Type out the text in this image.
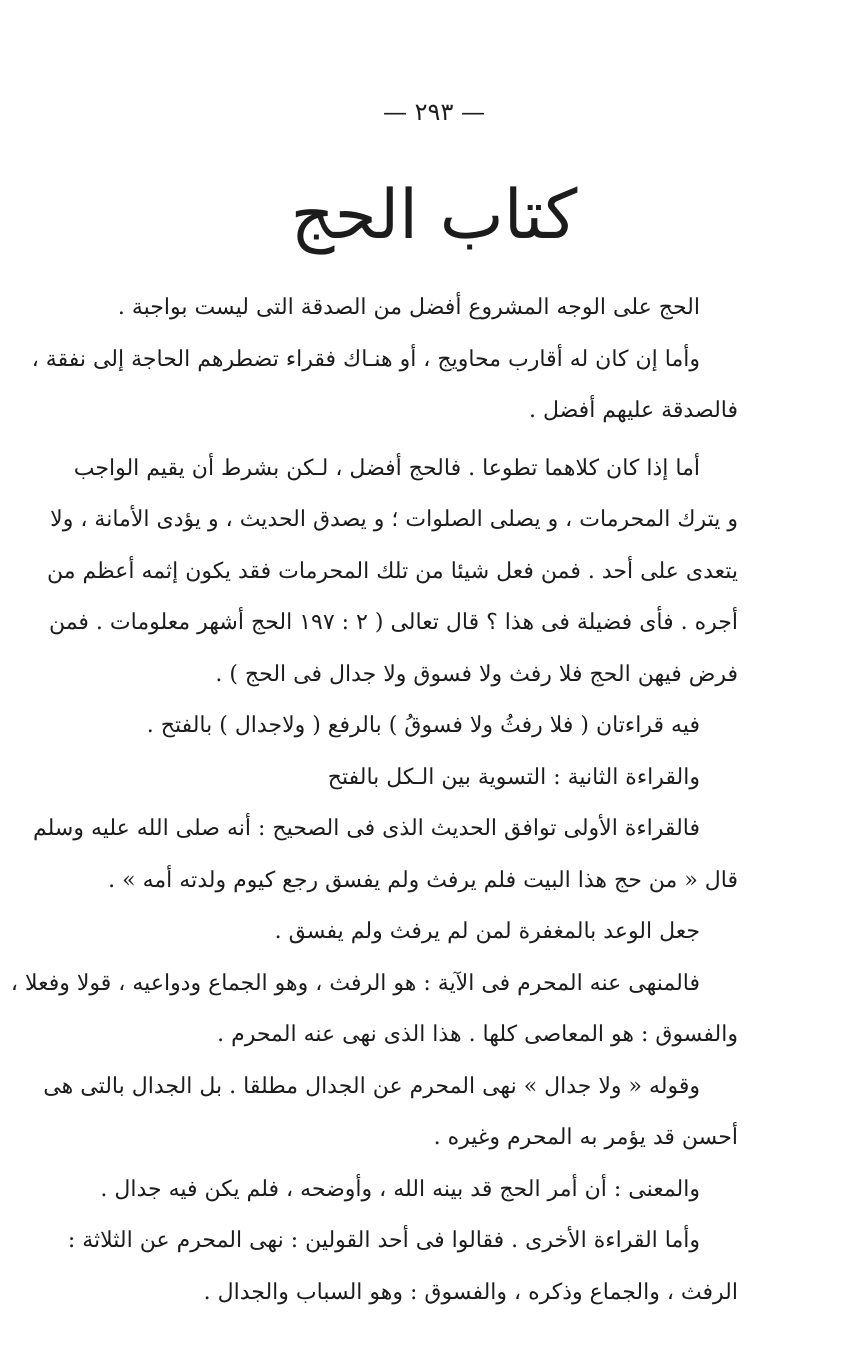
— ٢٩٣ —
كتاب الحج
الحج على الوجه المشروع أفضل من الصدقة التى ليست بواجبة .
وأما إن كان له أقارب محاويج ، أو هنـاك فقراء تضطرهم الحاجة إلى نفقة ،
فالصدقة عليهم أفضل .
أما إذا كان كلاهما تطوعا . فالحج أفضل ، لـكن بشرط أن يقيم الواجب
و يترك المحرمات ، و يصلى الصلوات ؛ و يصدق الحديث ، و يؤدى الأمانة ، ولا
يتعدى على أحد . فمن فعل شيئا من تلك المحرمات فقد يكون إثمه أعظم من
أجره . فأى فضيلة فى هذا ؟ قال تعالى ( ٢ : ١٩٧ الحج أشهر معلومات . فمن
فرض فيهن الحج فلا رفث ولا فسوق ولا جدال فى الحج ) .
فيه قراءتان ( فلا رفثُ ولا فسوقُ ) بالرفع ( ولاجدال ) بالفتح .
والقراءة الثانية : التسوية بين الـكل بالفتح
فالقراءة الأولى توافق الحديث الذى فى الصحيح : أنه صلى الله عليه وسلم
قال « من حج هذا البيت فلم يرفث ولم يفسق رجع كيوم ولدته أمه » .
جعل الوعد بالمغفرة لمن لم يرفث ولم يفسق .
فالمنهى عنه المحرم فى الآية : هو الرفث ، وهو الجماع ودواعيه ، قولا وفعلا ،
والفسوق : هو المعاصى كلها . هذا الذى نهى عنه المحرم .
وقوله « ولا جدال » نهى المحرم عن الجدال مطلقا . بل الجدال بالتى هى
أحسن قد يؤمر به المحرم وغيره .
والمعنى : أن أمر الحج قد بينه الله ، وأوضحه ، فلم يكن فيه جدال .
وأما القراءة الأخرى . فقالوا فى أحد القولين : نهى المحرم عن الثلاثة :
الرفث ، والجماع وذكره ، والفسوق : وهو السباب والجدال .
